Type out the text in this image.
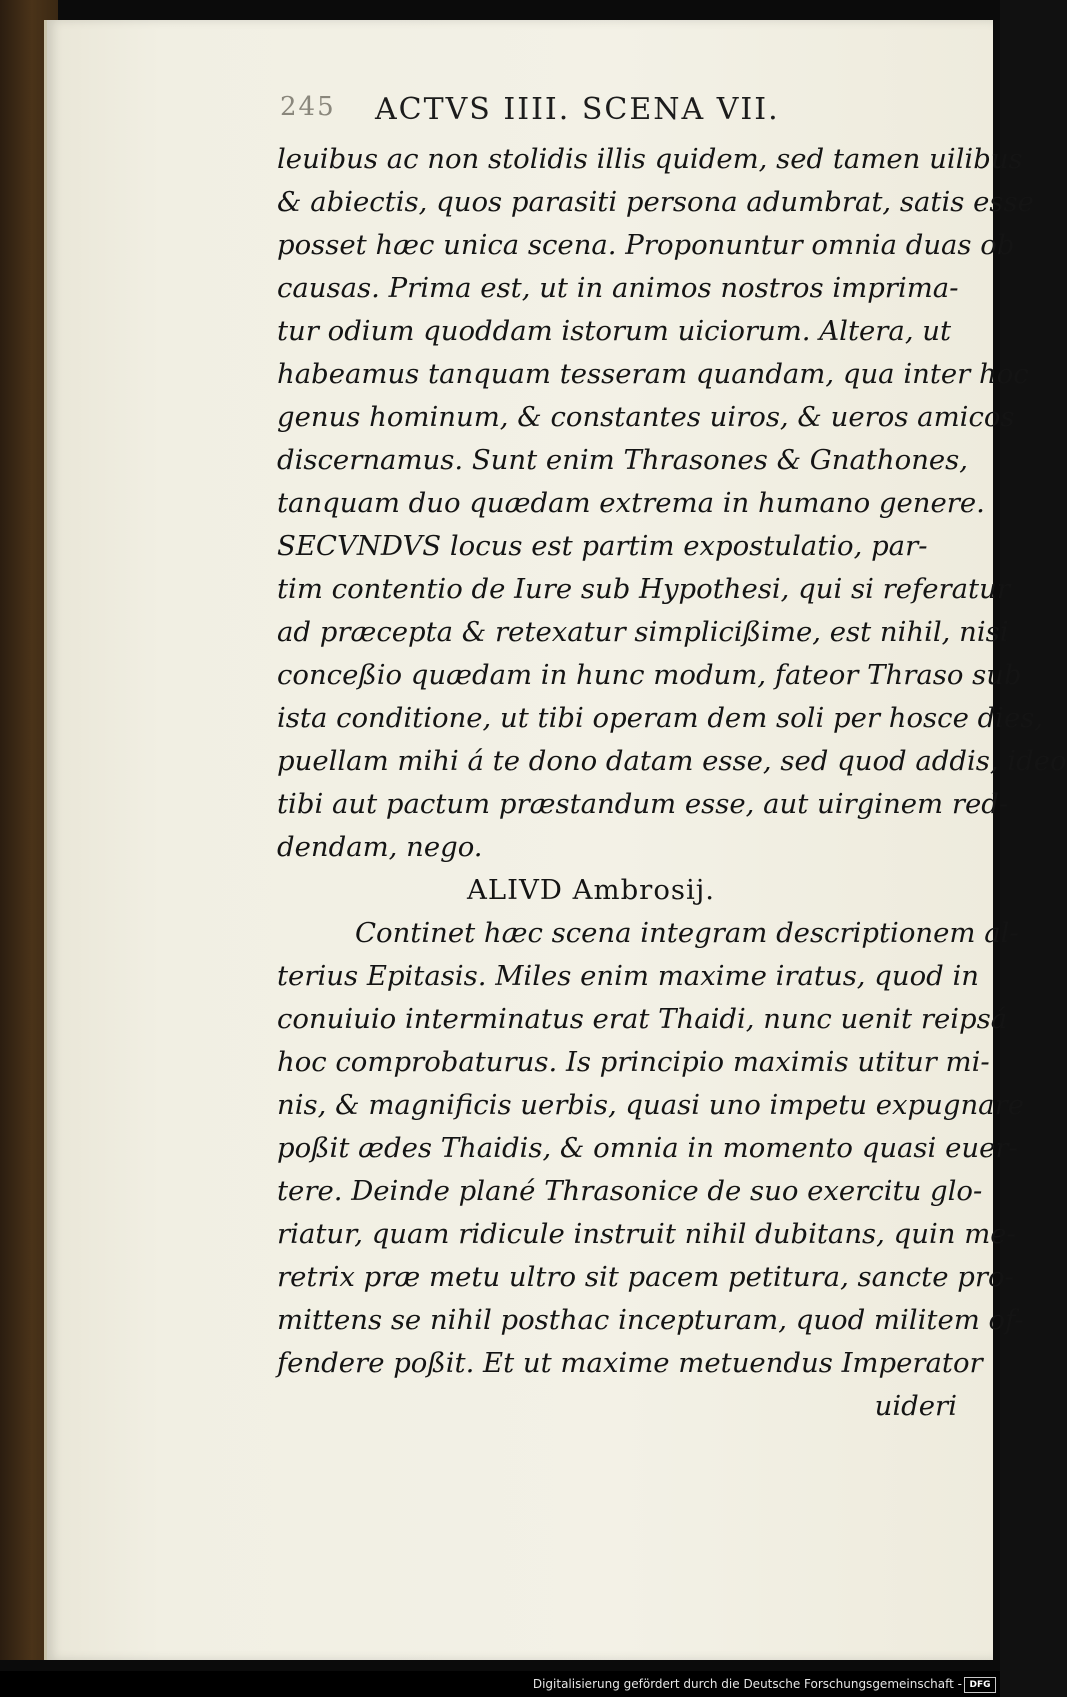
245 ACTVS IIII. SCENA VII.
leuibus ac non stolidis illis quidem, sed tamen uilibus
& abiectis, quos parasiti persona adumbrat, satis esse
posset hæc unica scena. Proponuntur omnia duas ob
causas. Prima est, ut in animos nostros imprima-
tur odium quoddam istorum uiciorum. Altera, ut
habeamus tanquam tesseram quandam, qua inter hoc
genus hominum, & constantes uiros, & ueros amicos
discernamus. Sunt enim Thrasones & Gnathones,
tanquam duo quædam extrema in humano genere.
SECVNDVS locus est partim expostulatio, par-
tim contentio de Iure sub Hypothesi, qui si referatur
ad præcepta & retexatur simplicißime, est nihil, nisi
conceßio quædam in hunc modum, fateor Thraso sub
ista conditione, ut tibi operam dem soli per hosce dies,
puellam mihi á te dono datam esse, sed quod addis, ideo
tibi aut pactum præstandum esse, aut uirginem red-
dendam, nego.
ALIVD Ambrosij.
Continet hæc scena integram descriptionem al-
terius Epitasis. Miles enim maxime iratus, quod in
conuiuio interminatus erat Thaidi, nunc uenit reipsá
hoc comprobaturus. Is principio maximis utitur mi-
nis, & magnificis uerbis, quasi uno impetu expugnare
poßit ædes Thaidis, & omnia in momento quasi euer-
tere. Deinde plané Thrasonice de suo exercitu glo-
riatur, quam ridicule instruit nihil dubitans, quin me-
retrix præ metu ultro sit pacem petitura, sancte pro-
mittens se nihil posthac incepturam, quod militem of-
fendere poßit. Et ut maxime metuendus Imperator
uideri
Digitalisierung gefördert durch die Deutsche Forschungsgemeinschaft - DFG
